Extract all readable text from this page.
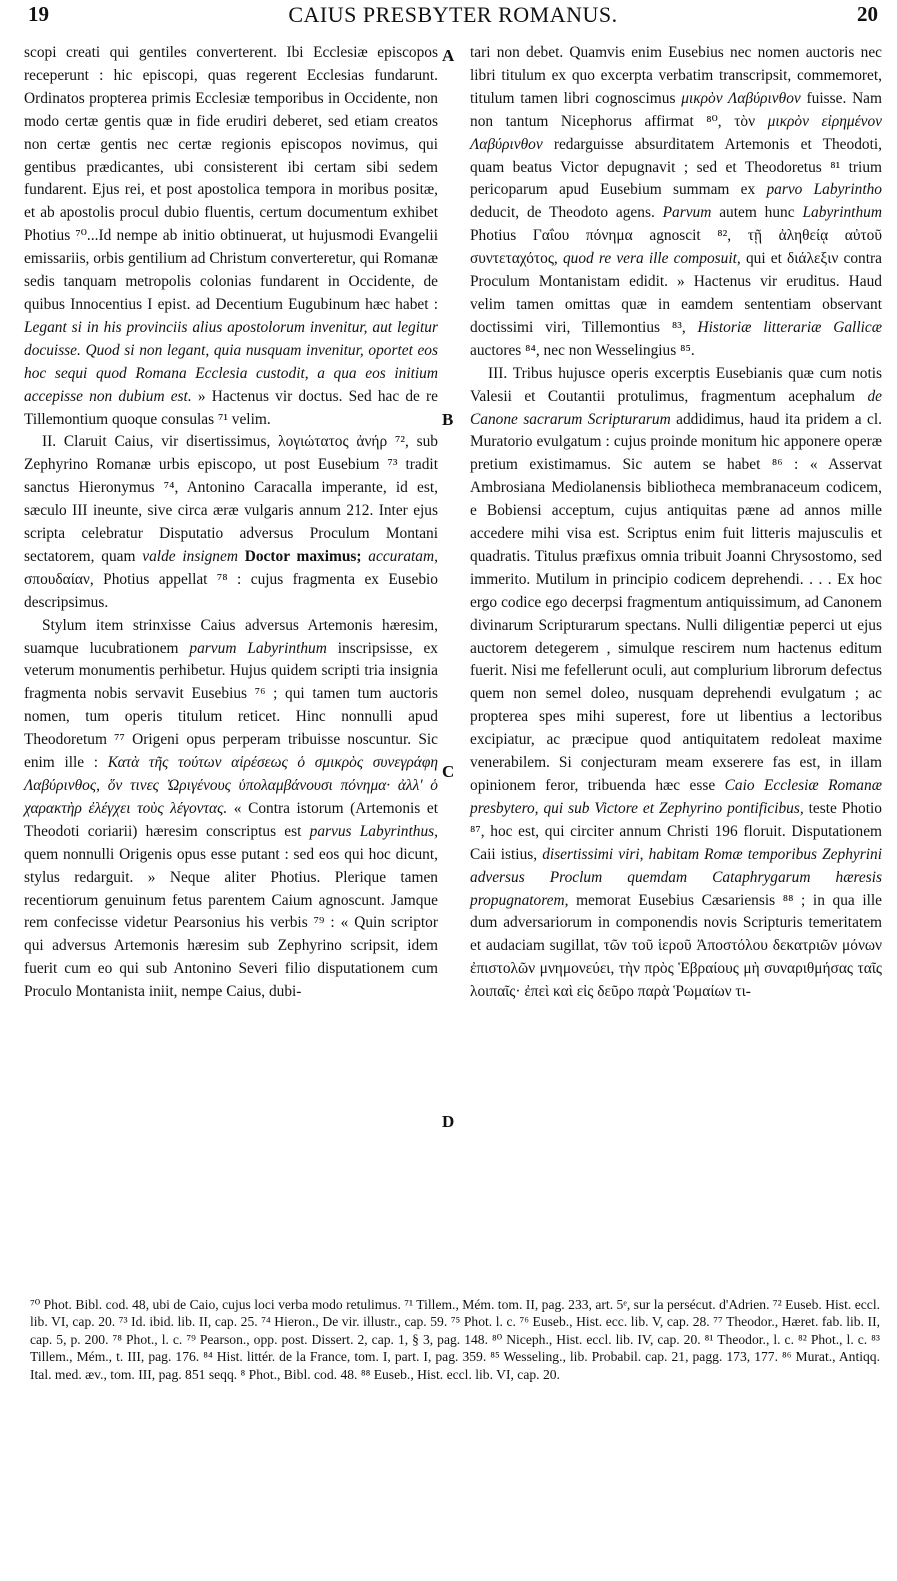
19	CAIUS PRESBYTER ROMANUS.	20

scopi creati qui gentiles converterent. Ibi Ecclesiæ episcopos receperunt : hic episcopi, quas regerent Ecclesias fundarunt. Ordinatos propterea primis Ecclesiæ temporibus in Occidente, non modo certæ gentis quæ in fide erudiri deberet, sed etiam creatos non certæ gentis nec certæ regionis episcopos novimus, qui gentibus prædicantes, ubi consisterent ibi certam sibi sedem fundarent. Ejus rei, et post apostolica tempora in moribus positæ, et ab apostolis procul dubio fluentis, certum documentum exhibet Photius ⁷⁰...Id nempe ab initio obtinuerat, ut hujusmodi Evangelii emissariis, orbis gentilium ad Christum converteretur, qui Romanæ sedis tanquam metropolis colonias fundarent in Occidente, de quibus Innocentius I epist. ad Decentium Eugubinum hæc habet : Legant si in his provinciis alius apostolorum invenitur, aut legitur docuisse. Quod si non legant, quia nusquam invenitur, oportet eos hoc sequi quod Romana Ecclesia custodit, a qua eos initium accepisse non dubium est. » Hactenus vir doctus. Sed hac de re Tillemontium quoque consulas ⁷¹ velim.

II. Claruit Caius, vir disertissimus, λογιώτατος ἀνήρ ⁷², sub Zephyrino Romanæ urbis episcopo, ut post Eusebium ⁷³ tradit sanctus Hieronymus ⁷⁴, Antonino Caracalla imperante, id est, sæculo III ineunte, sive circa æræ vulgaris annum 212. Inter ejus scripta celebratur Disputatio adversus Proculum Montani sectatorem, quam valde insignem Doctor maximus; accuratam, σπουδαίαν, Photius appellat ⁷⁸ : cujus fragmenta ex Eusebio descripsimus.

Stylum item strinxisse Caius adversus Artemonis hæresim, suamque lucubrationem parvum Labyrinthum inscripsisse, ex veterum monumentis perhibetur. Hujus quidem scripti tria insignia fragmenta nobis servavit Eusebius ⁷⁶ ; qui tamen tum auctoris nomen, tum operis titulum reticet. Hinc nonnulli apud Theodoretum ⁷⁷ Origeni opus perperam tribuisse noscuntur. Sic enim ille : Κατὰ τῆς τούτων αἱρέσεως ὁ σμικρὸς συνεγράφη Λαβύρινθος, ὅν τινες Ὠριγένους ὑπολαμβάνουσι πόνημα· ἀλλ' ὁ χαρακτὴρ ἐλέγχει τοὺς λέγοντας. « Contra istorum (Artemonis et Theodoti coriarii) hæresim conscriptus est parvus Labyrinthus, quem nonnulli Origenis opus esse putant : sed eos qui hoc dicunt, stylus redarguit. » Neque aliter Photius. Plerique tamen recentiorum genuinum fetus parentem Caium agnoscunt. Jamque rem confecisse videtur Pearsonius his verbis ⁷⁹ : « Quin scriptor qui adversus Artemonis hæresim sub Zephyrino scripsit, idem fuerit cum eo qui sub Antonino Severi filio disputationem cum Proculo Montanista iniit, nempe Caius, dubi-

A
B
C
D

tari non debet. Quamvis enim Eusebius nec nomen auctoris nec libri titulum ex quo excerpta verbatim transcripsit, commemoret, titulum tamen libri cognoscimus μικρὸν Λαβύρινθον fuisse. Nam non tantum Nicephorus affirmat ⁸⁰, τὸν μικρὸν εἰρημένον Λαβύρινθον redarguisse absurditatem Artemonis et Theodoti, quam beatus Victor depugnavit ; sed et Theodoretus ⁸¹ trium pericoparum apud Eusebium summam ex parvo Labyrintho deducit, de Theodoto agens. Parvum autem hunc Labyrinthum Photius Γαΐου πόνημα agnoscit ⁸², τῇ ἀληθείᾳ αὐτοῦ συντεταχότος, quod re vera ille composuit, qui et διάλεξιν contra Proculum Montanistam edidit. » Hactenus vir eruditus. Haud velim tamen omittas quæ in eamdem sententiam observant doctissimi viri, Tillemontius ⁸³, Historiæ litterariæ Gallicæ auctores ⁸⁴, nec non Wesselingius ⁸⁵.

III. Tribus hujusce operis excerptis Eusebianis quæ cum notis Valesii et Coutantii protulimus, fragmentum acephalum de Canone sacrarum Scripturarum addidimus, haud ita pridem a cl. Muratorio evulgatum : cujus proinde monitum hic apponere operæ pretium existimamus. Sic autem se habet ⁸⁶ : « Asservat Ambrosiana Mediolanensis bibliotheca membranaceum codicem, e Bobiensi acceptum, cujus antiquitas pæne ad annos mille accedere mihi visa est. Scriptus enim fuit litteris majusculis et quadratis. Titulus præfixus omnia tribuit Joanni Chrysostomo, sed immerito. Mutilum in principio codicem deprehendi. . . . Ex hoc ergo codice ego decerpsi fragmentum antiquissimum, ad Canonem divinarum Scripturarum spectans. Nulli diligentiæ peperci ut ejus auctorem detegerem , simulque rescirem num hactenus editum fuerit. Nisi me fefellerunt oculi, aut complurium librorum defectus quem non semel doleo, nusquam deprehendi evulgatum ; ac propterea spes mihi superest, fore ut libentius a lectoribus excipiatur, ac præcipue quod antiquitatem redoleat maxime venerabilem. Si conjecturam meam exserere fas est, in illam opinionem feror, tribuenda hæc esse Caio Ecclesiæ Romanæ presbytero, qui sub Victore et Zephyrino pontificibus, teste Photio ⁸⁷, hoc est, qui circiter annum Christi 196 floruit. Disputationem Caii istius, disertissimi viri, habitam Romæ temporibus Zephyrini adversus Proclum quemdam Cataphrygarum hæresis propugnatorem, memorat Eusebius Cæsariensis ⁸⁸ ; in qua ille dum adversariorum in componendis novis Scripturis temeritatem et audaciam sugillat, τῶν τοῦ ἱεροῦ Ἀποστόλου δεκατριῶν μόνων ἐπιστολῶν μνημονεύει, τὴν πρὸς Ἑβραίους μὴ συναριθμήσας ταῖς λοιπαῖς· ἐπεὶ καὶ εἰς δεῦρο παρὰ Ῥωμαίων τι-

⁷⁰ Phot. Bibl. cod. 48, ubi de Caio, cujus loci verba modo retulimus. ⁷¹ Tillem., Mém. tom. II, pag. 233, art. 5ᵉ, sur la persécut. d'Adrien. ⁷² Euseb. Hist. eccl. lib. VI, cap. 20. ⁷³ Id. ibid. lib. II, cap. 25. ⁷⁴ Hieron., De vir. illustr., cap. 59. ⁷⁵ Phot. l. c. ⁷⁶ Euseb., Hist. ecc. lib. V, cap. 28. ⁷⁷ Theodor., Hæret. fab. lib. II, cap. 5, p. 200. ⁷⁸ Phot., l. c. ⁷⁹ Pearson., opp. post. Dissert. 2, cap. 1, § 3, pag. 148. ⁸⁰ Niceph., Hist. eccl. lib. IV, cap. 20. ⁸¹ Theodor., l. c. ⁸² Phot., l. c. ⁸³ Tillem., Mém., t. III, pag. 176. ⁸⁴ Hist. littér. de la France, tom. I, part. I, pag. 359. ⁸⁵ Wesseling., lib. Probabil. cap. 21, pagg. 173, 177. ⁸⁶ Murat., Antiqq. Ital. med. æv., tom. III, pag. 851 seqq. ⁸ Phot., Bibl. cod. 48. ⁸⁸ Euseb., Hist. eccl. lib. VI, cap. 20.
